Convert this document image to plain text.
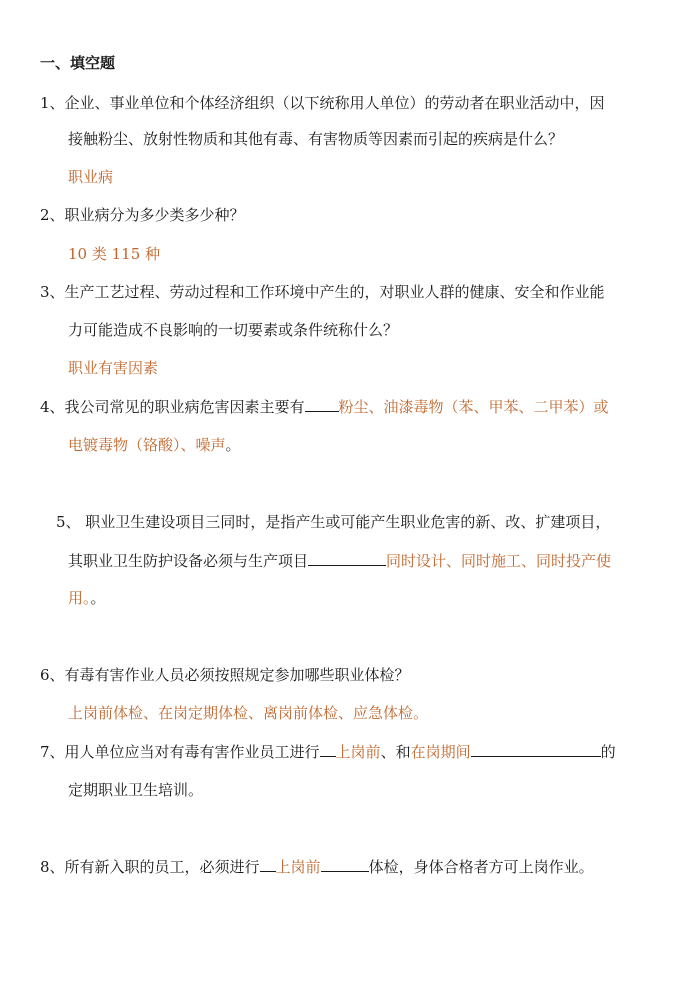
一、填空题

1、企业、事业单位和个体经济组织（以下统称用人单位）的劳动者在职业活动中，因

接触粉尘、放射性物质和其他有毒、有害物质等因素而引起的疾病是什么？

职业病

2、职业病分为多少类多少种？

10 类 115 种

3、生产工艺过程、劳动过程和工作环境中产生的，对职业人群的健康、安全和作业能

力可能造成不良影响的一切要素或条件统称什么？

职业有害因素

4、我公司常见的职业病危害因素主要有 粉尘、油漆毒物（苯、甲苯、二甲苯）或

电镀毒物（铬酸）、噪声。

5、 职业卫生建设项目三同时，是指产生或可能产生职业危害的新、改、扩建项目，

其职业卫生防护设备必须与生产项目	同时设计、同时施工、同时投产使

用。。

6、有毒有害作业人员必须按照规定参加哪些职业体检？

上岗前体检、在岗定期体检、离岗前体检、应急体检。

7、用人单位应当对有毒有害作业员工进行 上岗前、和在岗期间	的

定期职业卫生培训。

8、所有新入职的员工，必须进行 上岗前	体检，身体合格者方可上岗作业。
